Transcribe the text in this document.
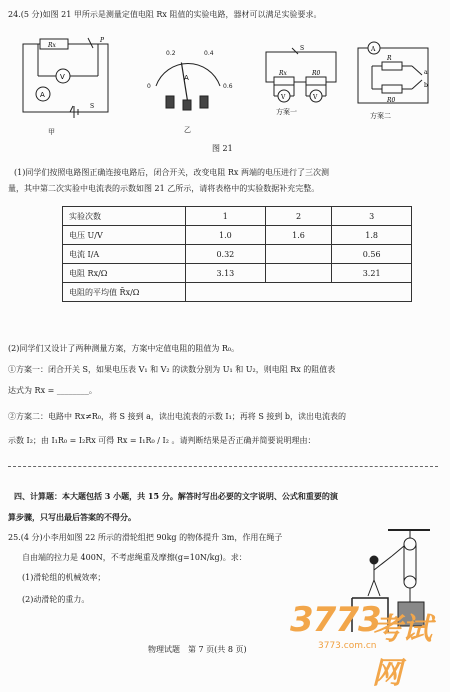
24.(5 分)如图 21 甲所示是测量定值电阻 Rx 阻值的实验电路，器材可以满足实验要求。
V
A
Rx
P
S
甲
0
0.2	0.4
0.6
A
乙
V	V
S
Rx	R0
方案一
A
R
R0
a
b
方案二
图 21
(1)同学们按照电路图正确连接电路后，闭合开关，改变电阻 Rx 两端的电压进行了三次测
量，其中第二次实验中电流表的示数如图 21 乙所示，请将表格中的实验数据补充完整。
实验次数	1	2	3
电压 U/V	1.0	1.6	1.8
电流 I/A	0.32		0.56
电阻 Rx/Ω	3.13		3.21
电阻的平均值 R̄x/Ω			
(2)同学们又设计了两种测量方案，方案中定值电阻的阻值为 R₀。
①方案一：闭合开关 S，如果电压表 V₁ 和 V₂ 的读数分别为 U₁ 和 U₂，则电阻 Rx 的阻值表
达式为 Rx = ________。
②方案二：电路中 Rx≠R₀，将 S 接到 a，读出电流表的示数 I₁；再将 S 接到 b，读出电流表的
示数 I₂；由 I₁R₀ = I₂Rx 可得 Rx = I₁R₀ / I₂ 。请判断结果是否正确并简要说明理由：
四、计算题：本大题包括 3 小题，共 15 分。解答时写出必要的文字说明、公式和重要的演
算步骤，只写出最后答案的不得分。
25.(4 分)小李用如图 22 所示的滑轮组把 90kg 的物体提升 3m，作用在绳子
自由端的拉力是 400N，不考虑绳重及摩擦(g=10N/kg)。求：
(1)滑轮组的机械效率；
(2)动滑轮的重力。
物理试题　第 7 页(共 8 页)
3773
考试网
3773.com.cn
